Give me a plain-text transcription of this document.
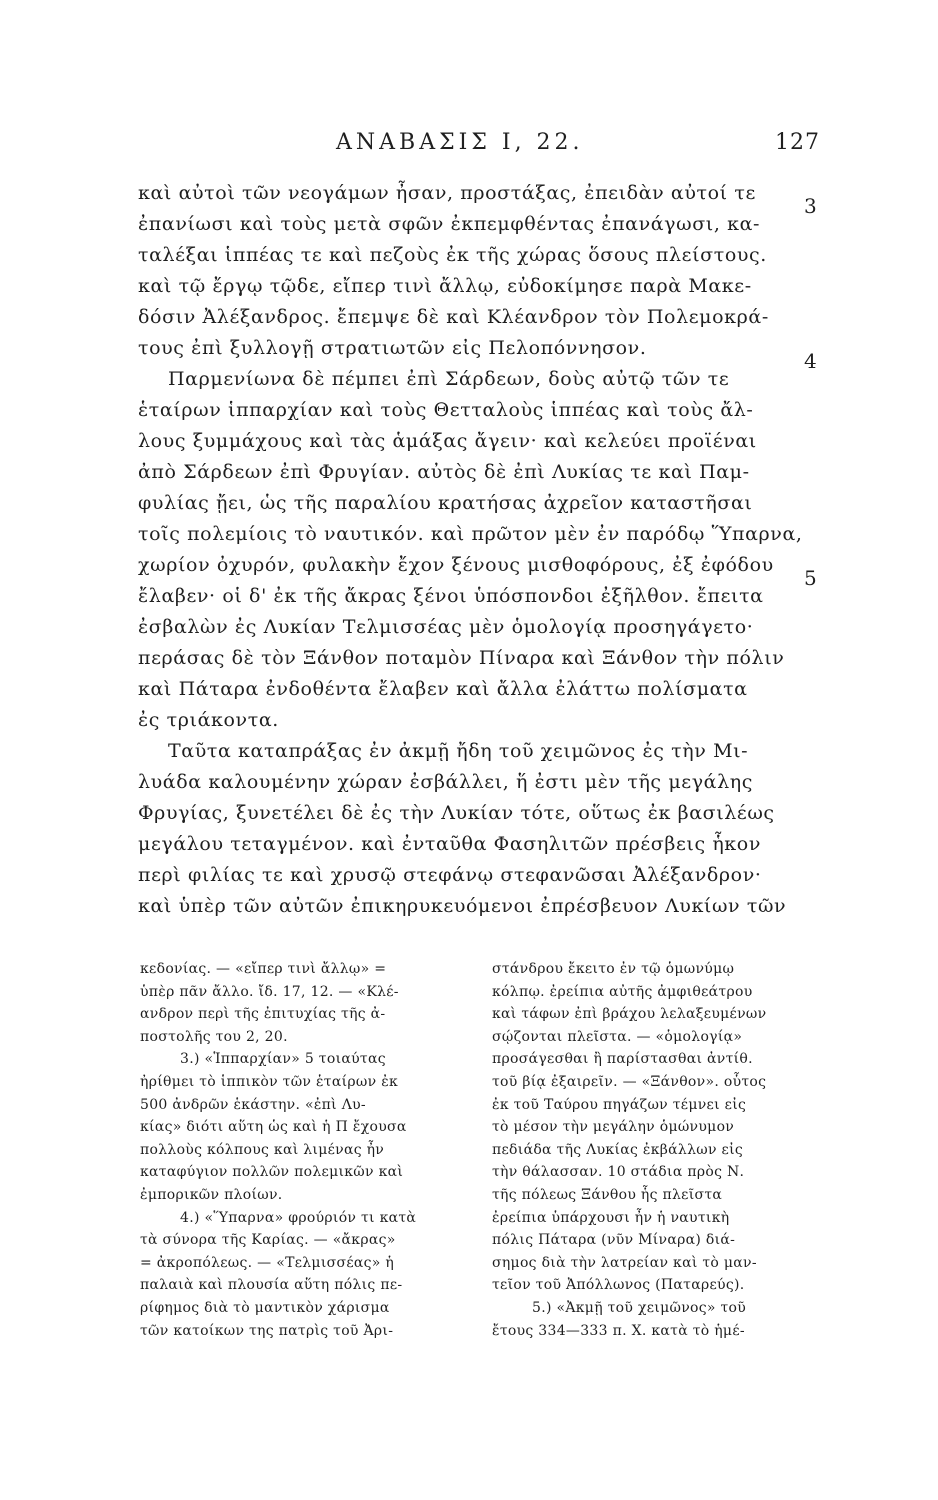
ΑΝΑΒΑΣΙΣ Ι, 22.	127
καὶ αὐτοὶ τῶν νεογάμων ἦσαν, προστάξας, ἐπειδὰν αὐτοί τε
ἐπανίωσι καὶ τοὺς μετὰ σφῶν ἐκπεμφθέντας ἐπανάγωσι, κα-
ταλέξαι ἱππέας τε καὶ πεζοὺς ἐκ τῆς χώρας ὅσους πλείστους.
καὶ τῷ ἔργῳ τῷδε, εἴπερ τινὶ ἄλλῳ, εὐδοκίμησε παρὰ Μακε-
δόσιν Ἀλέξανδρος. ἔπεμψε δὲ καὶ Κλέανδρον τὸν Πολεμοκρά-
τους ἐπὶ ξυλλογῇ στρατιωτῶν εἰς Πελοπόννησον.
Παρμενίωνα δὲ πέμπει ἐπὶ Σάρδεων, δοὺς αὐτῷ τῶν τε
ἑταίρων ἱππαρχίαν καὶ τοὺς Θετταλοὺς ἱππέας καὶ τοὺς ἄλ-
λους ξυμμάχους καὶ τὰς ἁμάξας ἄγειν· καὶ κελεύει προϊέναι
ἀπὸ Σάρδεων ἐπὶ Φρυγίαν. αὐτὸς δὲ ἐπὶ Λυκίας τε καὶ Παμ-
φυλίας ᾔει, ὡς τῆς παραλίου κρατήσας ἀχρεῖον καταστῆσαι
τοῖς πολεμίοις τὸ ναυτικόν. καὶ πρῶτον μὲν ἐν παρόδῳ Ὕπαρνα,
χωρίον ὀχυρόν, φυλακὴν ἔχον ξένους μισθοφόρους, ἐξ ἐφόδου
ἔλαβεν· οἱ δ' ἐκ τῆς ἄκρας ξένοι ὑπόσπονδοι ἐξῆλθον. ἔπειτα
ἐσβαλὼν ἐς Λυκίαν Τελμισσέας μὲν ὁμολογίᾳ προσηγάγετο·
περάσας δὲ τὸν Ξάνθον ποταμὸν Πίναρα καὶ Ξάνθον τὴν πόλιν
καὶ Πάταρα ἐνδοθέντα ἔλαβεν καὶ ἄλλα ἐλάττω πολίσματα
ἐς τριάκοντα.
Ταῦτα καταπράξας ἐν ἀκμῇ ἤδη τοῦ χειμῶνος ἐς τὴν Μι-
λυάδα καλουμένην χώραν ἐσβάλλει, ἥ ἐστι μὲν τῆς μεγάλης
Φρυγίας, ξυνετέλει δὲ ἐς τὴν Λυκίαν τότε, οὕτως ἐκ βασιλέως
μεγάλου τεταγμένον. καὶ ἐνταῦθα Φασηλιτῶν πρέσβεις ἧκον
περὶ φιλίας τε καὶ χρυσῷ στεφάνῳ στεφανῶσαι Ἀλέξανδρον·
καὶ ὑπὲρ τῶν αὐτῶν ἐπικηρυκευόμενοι ἐπρέσβευον Λυκίων τῶν
3
4
5
κεδονίας. — «εἴπερ τινὶ ἄλλῳ» =
ὑπὲρ πᾶν ἄλλο. ἴδ. 17, 12. — «Κλέ-
ανδρον περὶ τῆς ἐπιτυχίας τῆς ἀ-
ποστολῆς του 2, 20.
3.) «Ἱππαρχίαν» 5 τοιαύτας
ἠρίθμει τὸ ἱππικὸν τῶν ἑταίρων ἐκ
500 ἀνδρῶν ἑκάστην. «ἐπὶ Λυ-
κίας» διότι αὕτη ὡς καὶ ἡ Π ἔχουσα
πολλοὺς κόλπους καὶ λιμένας ἦν
καταφύγιον πολλῶν πολεμικῶν καὶ
ἐμπορικῶν πλοίων.
4.) «Ὕπαρνα» φρούριόν τι κατὰ
τὰ σύνορα τῆς Καρίας. — «ἄκρας»
= ἀκροπόλεως. — «Τελμισσέας» ἡ
παλαιὰ καὶ πλουσία αὕτη πόλις πε-
ρίφημος διὰ τὸ μαντικὸν χάρισμα
τῶν κατοίκων της πατρὶς τοῦ Ἀρι-
στάνδρου ἔκειτο ἐν τῷ ὁμωνύμῳ
κόλπῳ. ἐρείπια αὐτῆς ἀμφιθεάτρου
καὶ τάφων ἐπὶ βράχου λελαξευμένων
σῴζονται πλεῖστα. — «ὁμολογίᾳ»
προσάγεσθαι ἢ παρίστασθαι ἀντίθ.
τοῦ βίᾳ ἐξαιρεῖν. — «Ξάνθον». οὗτος
ἐκ τοῦ Ταύρου πηγάζων τέμνει εἰς
τὸ μέσον τὴν μεγάλην ὁμώνυμον
πεδιάδα τῆς Λυκίας ἐκβάλλων εἰς
τὴν θάλασσαν. 10 στάδια πρὸς Ν.
τῆς πόλεως Ξάνθου ἧς πλεῖστα
ἐρείπια ὑπάρχουσι ἦν ἡ ναυτικὴ
πόλις Πάταρα (νῦν Μίναρα) διά-
σημος διὰ τὴν λατρείαν καὶ τὸ μαν-
τεῖον τοῦ Ἀπόλλωνος (Παταρεύς).
5.) «Ἀκμῇ τοῦ χειμῶνος» τοῦ
ἔτους 334—333 π. Χ. κατὰ τὸ ἡμέ-
